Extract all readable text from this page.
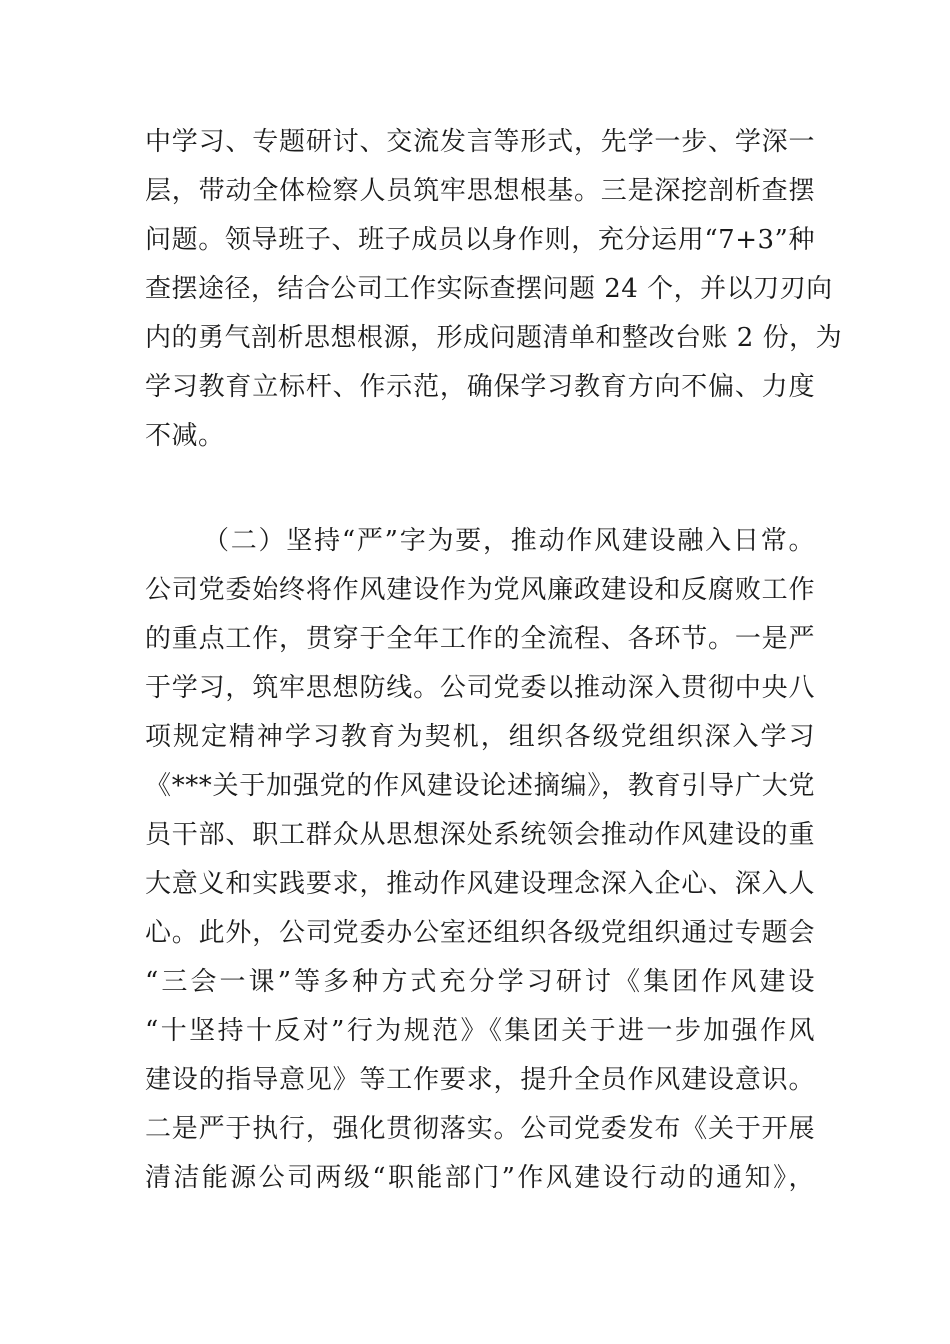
中学习、专题研讨、交流发言等形式，先学一步、学深一
层，带动全体检察人员筑牢思想根基。三是深挖剖析查摆
问题。领导班子、班子成员以身作则，充分运用“7+3”种
查摆途径，结合公司工作实际查摆问题 24 个，并以刀刃向
内的勇气剖析思想根源，形成问题清单和整改台账 2 份，为
学习教育立标杆、作示范，确保学习教育方向不偏、力度
不减。
（二）坚持“严”字为要，推动作风建设融入日常。
公司党委始终将作风建设作为党风廉政建设和反腐败工作
的重点工作，贯穿于全年工作的全流程、各环节。一是严
于学习，筑牢思想防线。公司党委以推动深入贯彻中央八
项规定精神学习教育为契机，组织各级党组织深入学习
《***关于加强党的作风建设论述摘编》，教育引导广大党
员干部、职工群众从思想深处系统领会推动作风建设的重
大意义和实践要求，推动作风建设理念深入企心、深入人
心。此外，公司党委办公室还组织各级党组织通过专题会
“三会一课”等多种方式充分学习研讨《集团作风建设
“十坚持十反对”行为规范》《集团关于进一步加强作风
建设的指导意见》等工作要求，提升全员作风建设意识。
二是严于执行，强化贯彻落实。公司党委发布《关于开展
清洁能源公司两级“职能部门”作风建设行动的通知》，
